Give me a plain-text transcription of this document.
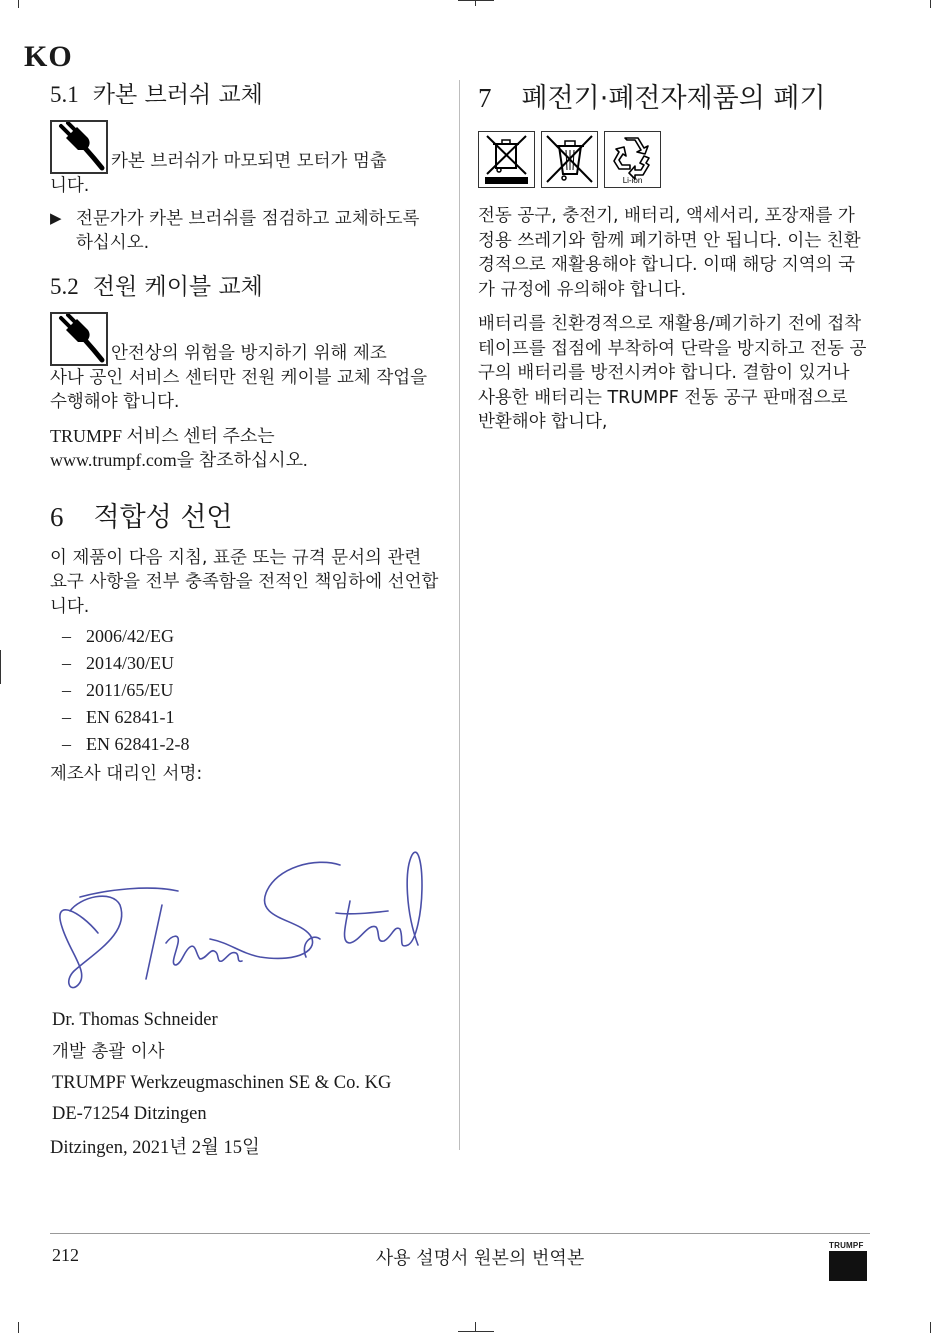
KO
5.1 카본 브러쉬 교체

카본 브러쉬가 마모되면 모터가 멈춥
니다.

▶ 전문가가 카본 브러쉬를 점검하고 교체하도록 하십시오.

5.2 전원 케이블 교체

안전상의 위험을 방지하기 위해 제조
사나 공인 서비스 센터만 전원 케이블 교체 작업을 수행해야 합니다.

TRUMPF 서비스 센터 주소는
www.trumpf.com을 참조하십시오.

6 적합성 선언

이 제품이 다음 지침, 표준 또는 규격 문서의 관련 요구 사항을 전부 충족함을 전적인 책임하에 선언합니다.

– 2006/42/EG
– 2014/30/EU
– 2011/65/EU
– EN 62841-1
– EN 62841-2-8

제조사 대리인 서명:

Dr. Thomas Schneider
개발 총괄 이사
TRUMPF Werkzeugmaschinen SE & Co. KG
DE-71254 Ditzingen
Ditzingen, 2021년 2월 15일
7 폐전기·폐전자제품의 폐기
Li-ion

전동 공구, 충전기, 배터리, 액세서리, 포장재를 가정용 쓰레기와 함께 폐기하면 안 됩니다. 이는 친환경적으로 재활용해야 합니다. 이때 해당 지역의 국가 규정에 유의해야 합니다.

배터리를 친환경적으로 재활용/폐기하기 전에 접착테이프를 접점에 부착하여 단락을 방지하고 전동 공구의 배터리를 방전시켜야 합니다. 결함이 있거나 사용한 배터리는 TRUMPF 전동 공구 판매점으로 반환해야 합니다,

212	사용 설명서 원본의 번역본
TRUMPF
